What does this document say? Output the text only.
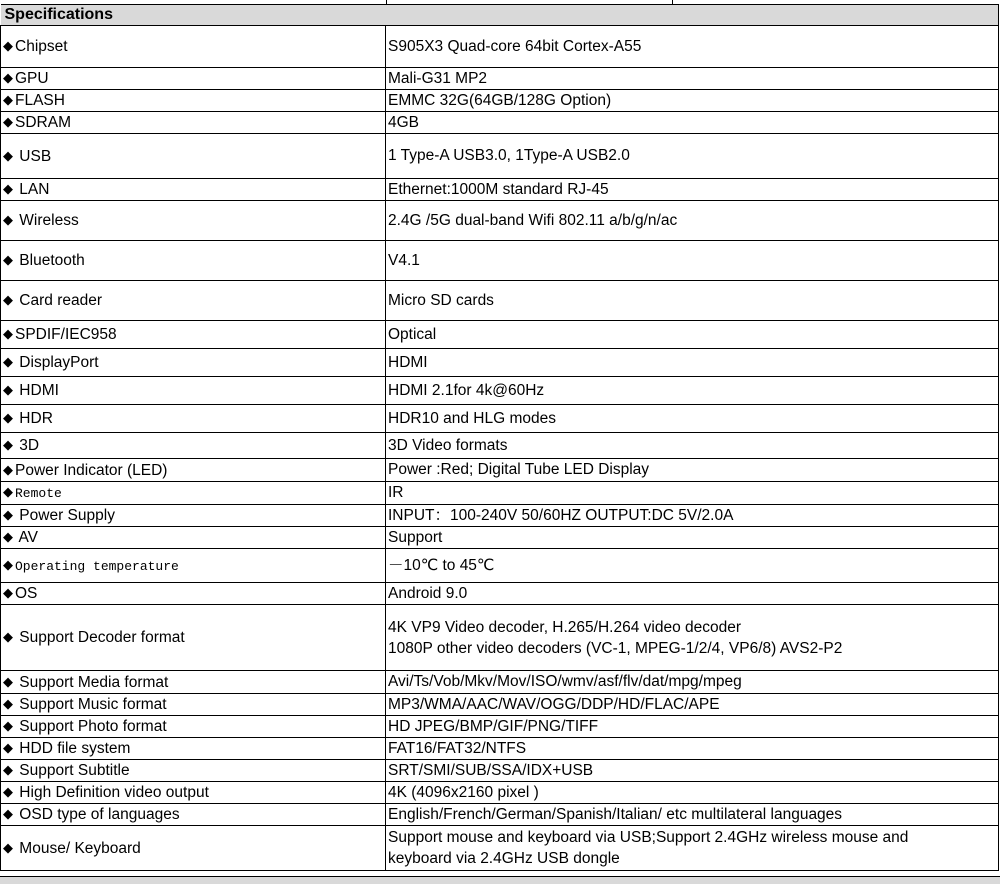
Specifications	
◆ Chipset	S905X3 Quad-core 64bit Cortex-A55
◆ GPU	Mali-G31 MP2
◆ FLASH	EMMC 32G(64GB/128G Option)
◆ SDRAM	4GB
◆ USB	1 Type-A USB3.0, 1Type-A USB2.0
◆ LAN	Ethernet:1000M standard RJ-45
◆ Wireless	2.4G /5G dual-band Wifi 802.11 a/b/g/n/ac
◆ Bluetooth	V4.1
◆ Card reader	Micro SD cards
◆ SPDIF/IEC958	Optical
◆ DisplayPort	HDMI
◆ HDMI	HDMI 2.1for 4k@60Hz
◆ HDR	HDR10 and HLG modes
◆ 3D	3D Video formats
◆ Power Indicator (LED)	Power :Red; Digital Tube LED Display
◆ Remote	IR
◆ Power Supply	INPUT：100-240V 50/60HZ OUTPUT:DC 5V/2.0A
◆ AV	Support
◆ Operating temperature	－10℃ to 45℃
◆ OS	Android 9.0
◆ Support Decoder format	4K VP9 Video decoder, H.265/H.264 video decoder
1080P other video decoders (VC-1, MPEG-1/2/4, VP6/8) AVS2-P2

◆ Support Media format	Avi/Ts/Vob/Mkv/Mov/ISO/wmv/asf/flv/dat/mpg/mpeg
◆ Support Music format	MP3/WMA/AAC/WAV/OGG/DDP/HD/FLAC/APE
◆ Support Photo format	HD JPEG/BMP/GIF/PNG/TIFF
◆ HDD file system	FAT16/FAT32/NTFS
◆ Support Subtitle	SRT/SMI/SUB/SSA/IDX+USB
◆ High Definition video output	4K (4096x2160 pixel )
◆ OSD type of languages	English/French/German/Spanish/Italian/ etc multilateral languages
◆ Mouse/ Keyboard	Support mouse and keyboard via USB;Support 2.4GHz wireless mouse and
keyboard via 2.4GHz USB dongle
